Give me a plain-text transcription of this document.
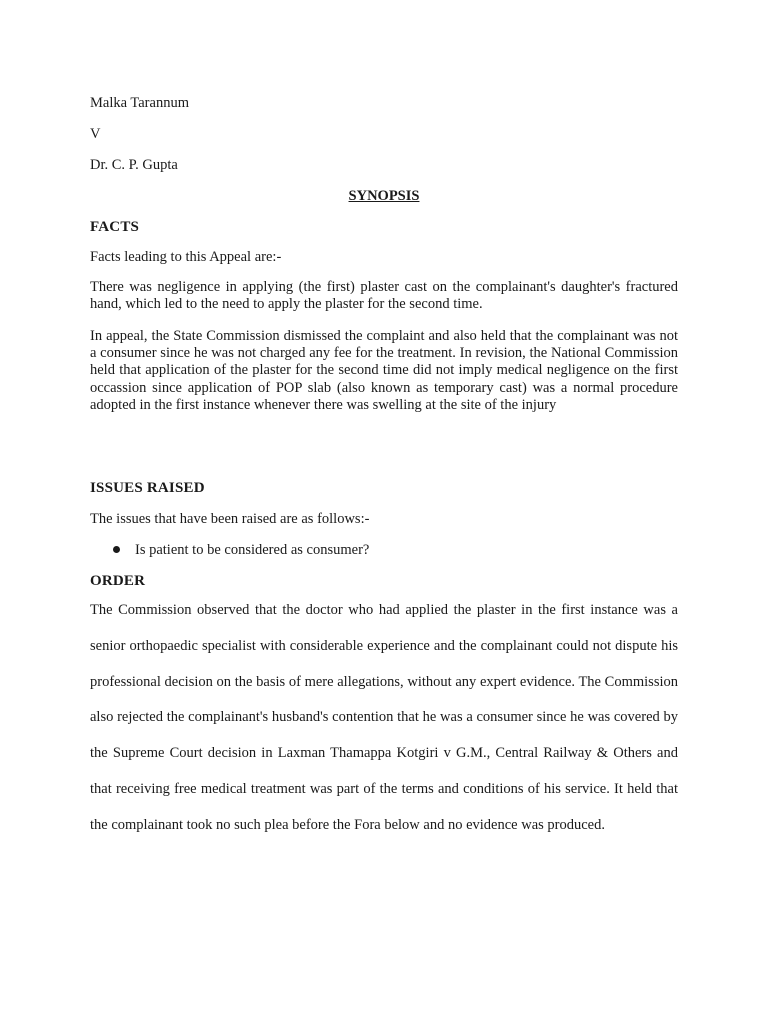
Malka Tarannum
V
Dr. C. P. Gupta
SYNOPSIS
FACTS
Facts leading to this Appeal are:-
There was negligence in applying (the first) plaster cast on the complainant's daughter's fractured hand, which led to the need to apply the plaster for the second time.
In appeal, the State Commission dismissed the complaint and also held that the complainant was not a consumer since he was not charged any fee for the treatment. In revision, the National Commission held that application of the plaster for the second time did not imply medical negligence on the first occassion since application of POP slab (also known as temporary cast) was a normal procedure adopted in the first instance whenever there was swelling at the site of the injury
ISSUES RAISED
The issues that have been raised are as follows:-
Is patient to be considered as consumer?
ORDER
The Commission observed that the doctor who had applied the plaster in the first instance was a senior orthopaedic specialist with considerable experience and the complainant could not dispute his professional decision on the basis of mere allegations, without any expert evidence. The Commission also rejected the complainant's husband's contention that he was a consumer since he was covered by the Supreme Court decision in Laxman Thamappa Kotgiri v G.M., Central Railway & Others and that receiving free medical treatment was part of the terms and conditions of his service. It held that the complainant took no such plea before the Fora below and no evidence was produced.
